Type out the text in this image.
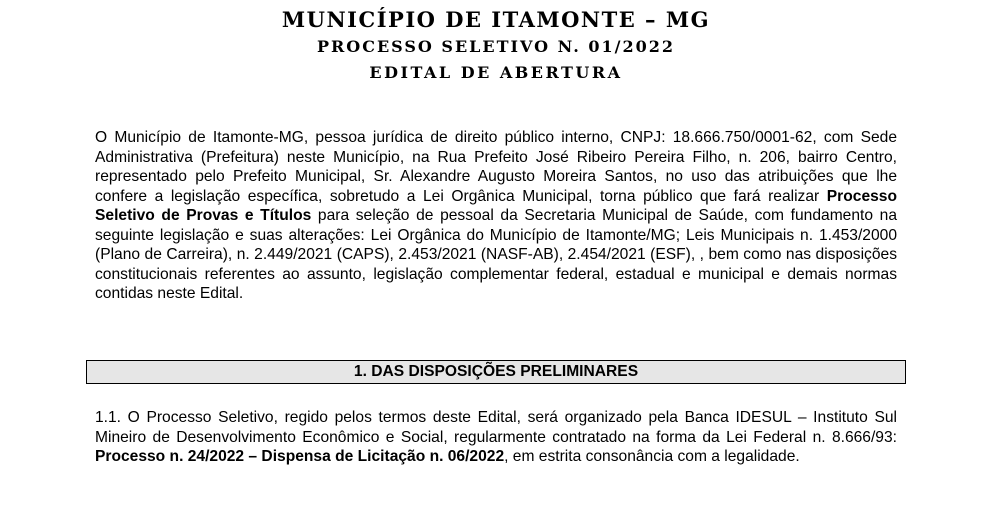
MUNICÍPIO DE ITAMONTE – MG
PROCESSO SELETIVO N. 01/2022
EDITAL DE ABERTURA

O Município de Itamonte-MG, pessoa jurídica de direito público interno, CNPJ: 18.666.750/0001-62, com Sede Administrativa (Prefeitura) neste Município, na Rua Prefeito José Ribeiro Pereira Filho, n. 206, bairro Centro, representado pelo Prefeito Municipal, Sr. Alexandre Augusto Moreira Santos, no uso das atribuições que lhe confere a legislação específica, sobretudo a Lei Orgânica Municipal, torna público que fará realizar Processo Seletivo de Provas e Títulos para seleção de pessoal da Secretaria Municipal de Saúde, com fundamento na seguinte legislação e suas alterações: Lei Orgânica do Município de Itamonte/MG; Leis Municipais n. 1.453/2000 (Plano de Carreira), n. 2.449/2021 (CAPS), 2.453/2021 (NASF-AB), 2.454/2021 (ESF), , bem como nas disposições constitucionais referentes ao assunto, legislação complementar federal, estadual e municipal e demais normas contidas neste Edital.

1. DAS DISPOSIÇÕES PRELIMINARES

1.1. O Processo Seletivo, regido pelos termos deste Edital, será organizado pela Banca IDESUL – Instituto Sul Mineiro de Desenvolvimento Econômico e Social, regularmente contratado na forma da Lei Federal n. 8.666/93: Processo n. 24/2022 – Dispensa de Licitação n. 06/2022, em estrita consonância com a legalidade.
